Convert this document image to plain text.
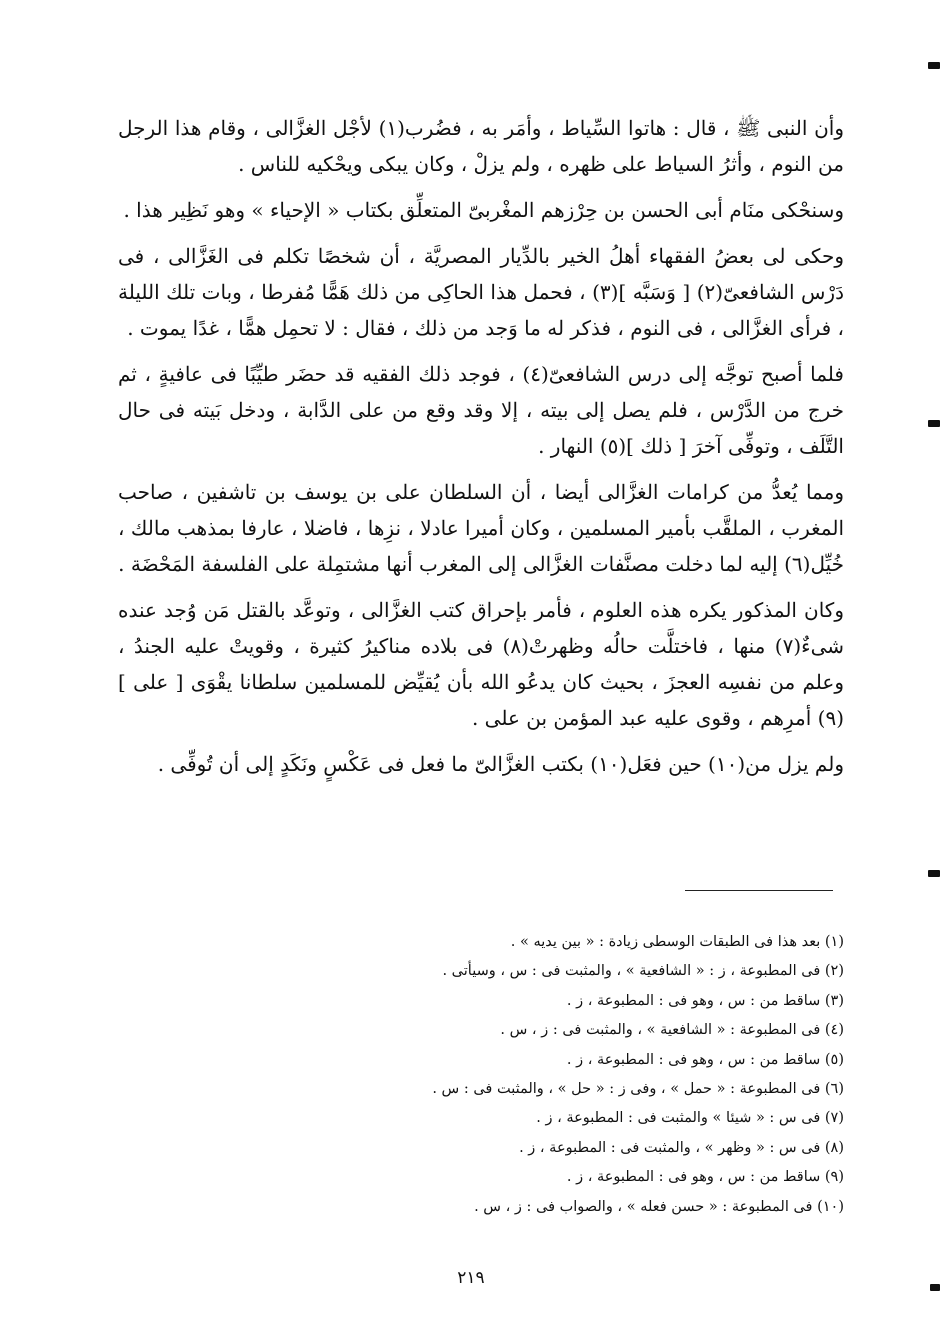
وأن النبى ﷺ ، قال : هاتوا السِّياط ، وأمَر به ، فضُرب(١) لأجْل الغزَّالى ، وقام هذا الرجل من النوم ، وأثرُ السياط على ظهره ، ولم يزلْ ، وكان يبكى ويحْكيه للناس .

وسنحْكى منَام أبى الحسن بن حِرْزهم المغْربىّ المتعلِّق بكتاب « الإحياء » وهو نَظِير هذا .

وحكى لى بعضُ الفقهاء أهلُ الخير بالدِّيار المصريَّة ، أن شخصًا تكلم فى الغَزَّالى ، فى دَرْس الشافعىّ(٢) [ وَسَبَّه ](٣) ، فحمل هذا الحاكِى من ذلك هَمًّا مُفرطا ، وبات تلك الليلة ، فرأى الغزَّالى ، فى النوم ، فذكر له ما وَجد من ذلك ، فقال : لا تحمِل همًّا ، غدًا يموت .

فلما أصبح توجَّه إلى درس الشافعىّ(٤) ، فوجد ذلك الفقيه قد حضَر طيِّبًا فى عافيةٍ ، ثم خرج من الدَّرْس ، فلم يصل إلى بيته ، إلا وقد وقع من على الدَّابة ، ودخل بَيته فى حال التَّلَف ، وتوفِّى آخرَ [ ذلك ](٥) النهار .

ومما يُعدُّ من كرامات الغزَّالى أيضا ، أن السلطان على بن يوسف بن تاشفين ، صاحب المغرب ، الملقَّب بأمير المسلمين ، وكان أميرا عادلا ، نزِها ، فاضلا ، عارفا بمذهب مالك ، خُيِّل(٦) إليه لما دخلت مصنَّفات الغزَّالى إلى المغرب أنها مشتمِلة على الفلسفة المَحْضَة .

وكان المذكور يكره هذه العلوم ، فأمر بإحراق كتب الغزَّالى ، وتوعَّد بالقتل مَن وُجد عنده شىءٌ(٧) منها ، فاختلَّت حالُه وظهرتْ(٨) فى بلاده مناكيرُ كثيرة ، وقويتْ عليه الجندُ ، وعلم من نفسِه العجزَ ، بحيث كان يدعُو الله بأن يُقيِّض للمسلمين سلطانا يقْوَى [ على ](٩) أمرِهم ، وقوى عليه عبد المؤمن بن على .

ولم يزل من(١٠) حين فعَل(١٠) بكتب الغزَّالىّ ما فعل فى عَكْسٍ ونَكَدٍ إلى أن تُوفِّى .

(١) بعد هذا فى الطبقات الوسطى زيادة : « بين يديه » .
(٢) فى المطبوعة ، ز : « الشافعية » ، والمثبت فى : س ، وسيأتى .
(٣) ساقط من : س ، وهو فى : المطبوعة ، ز .
(٤) فى المطبوعة : « الشافعية » ، والمثبت فى : ز ، س .
(٥) ساقط من : س ، وهو فى : المطبوعة ، ز .
(٦) فى المطبوعة : « حمل » ، وفى ز : « حل » ، والمثبت فى : س .
(٧) فى س : « شيئا » والمثبت فى : المطبوعة ، ز .
(٨) فى س : « وظهر » ، والمثبت فى : المطبوعة ، ز .
(٩) ساقط من : س ، وهو فى : المطبوعة ، ز .
(١٠) فى المطبوعة : « حسن فعله » ، والصواب فى : ز ، س .
٢١٩
